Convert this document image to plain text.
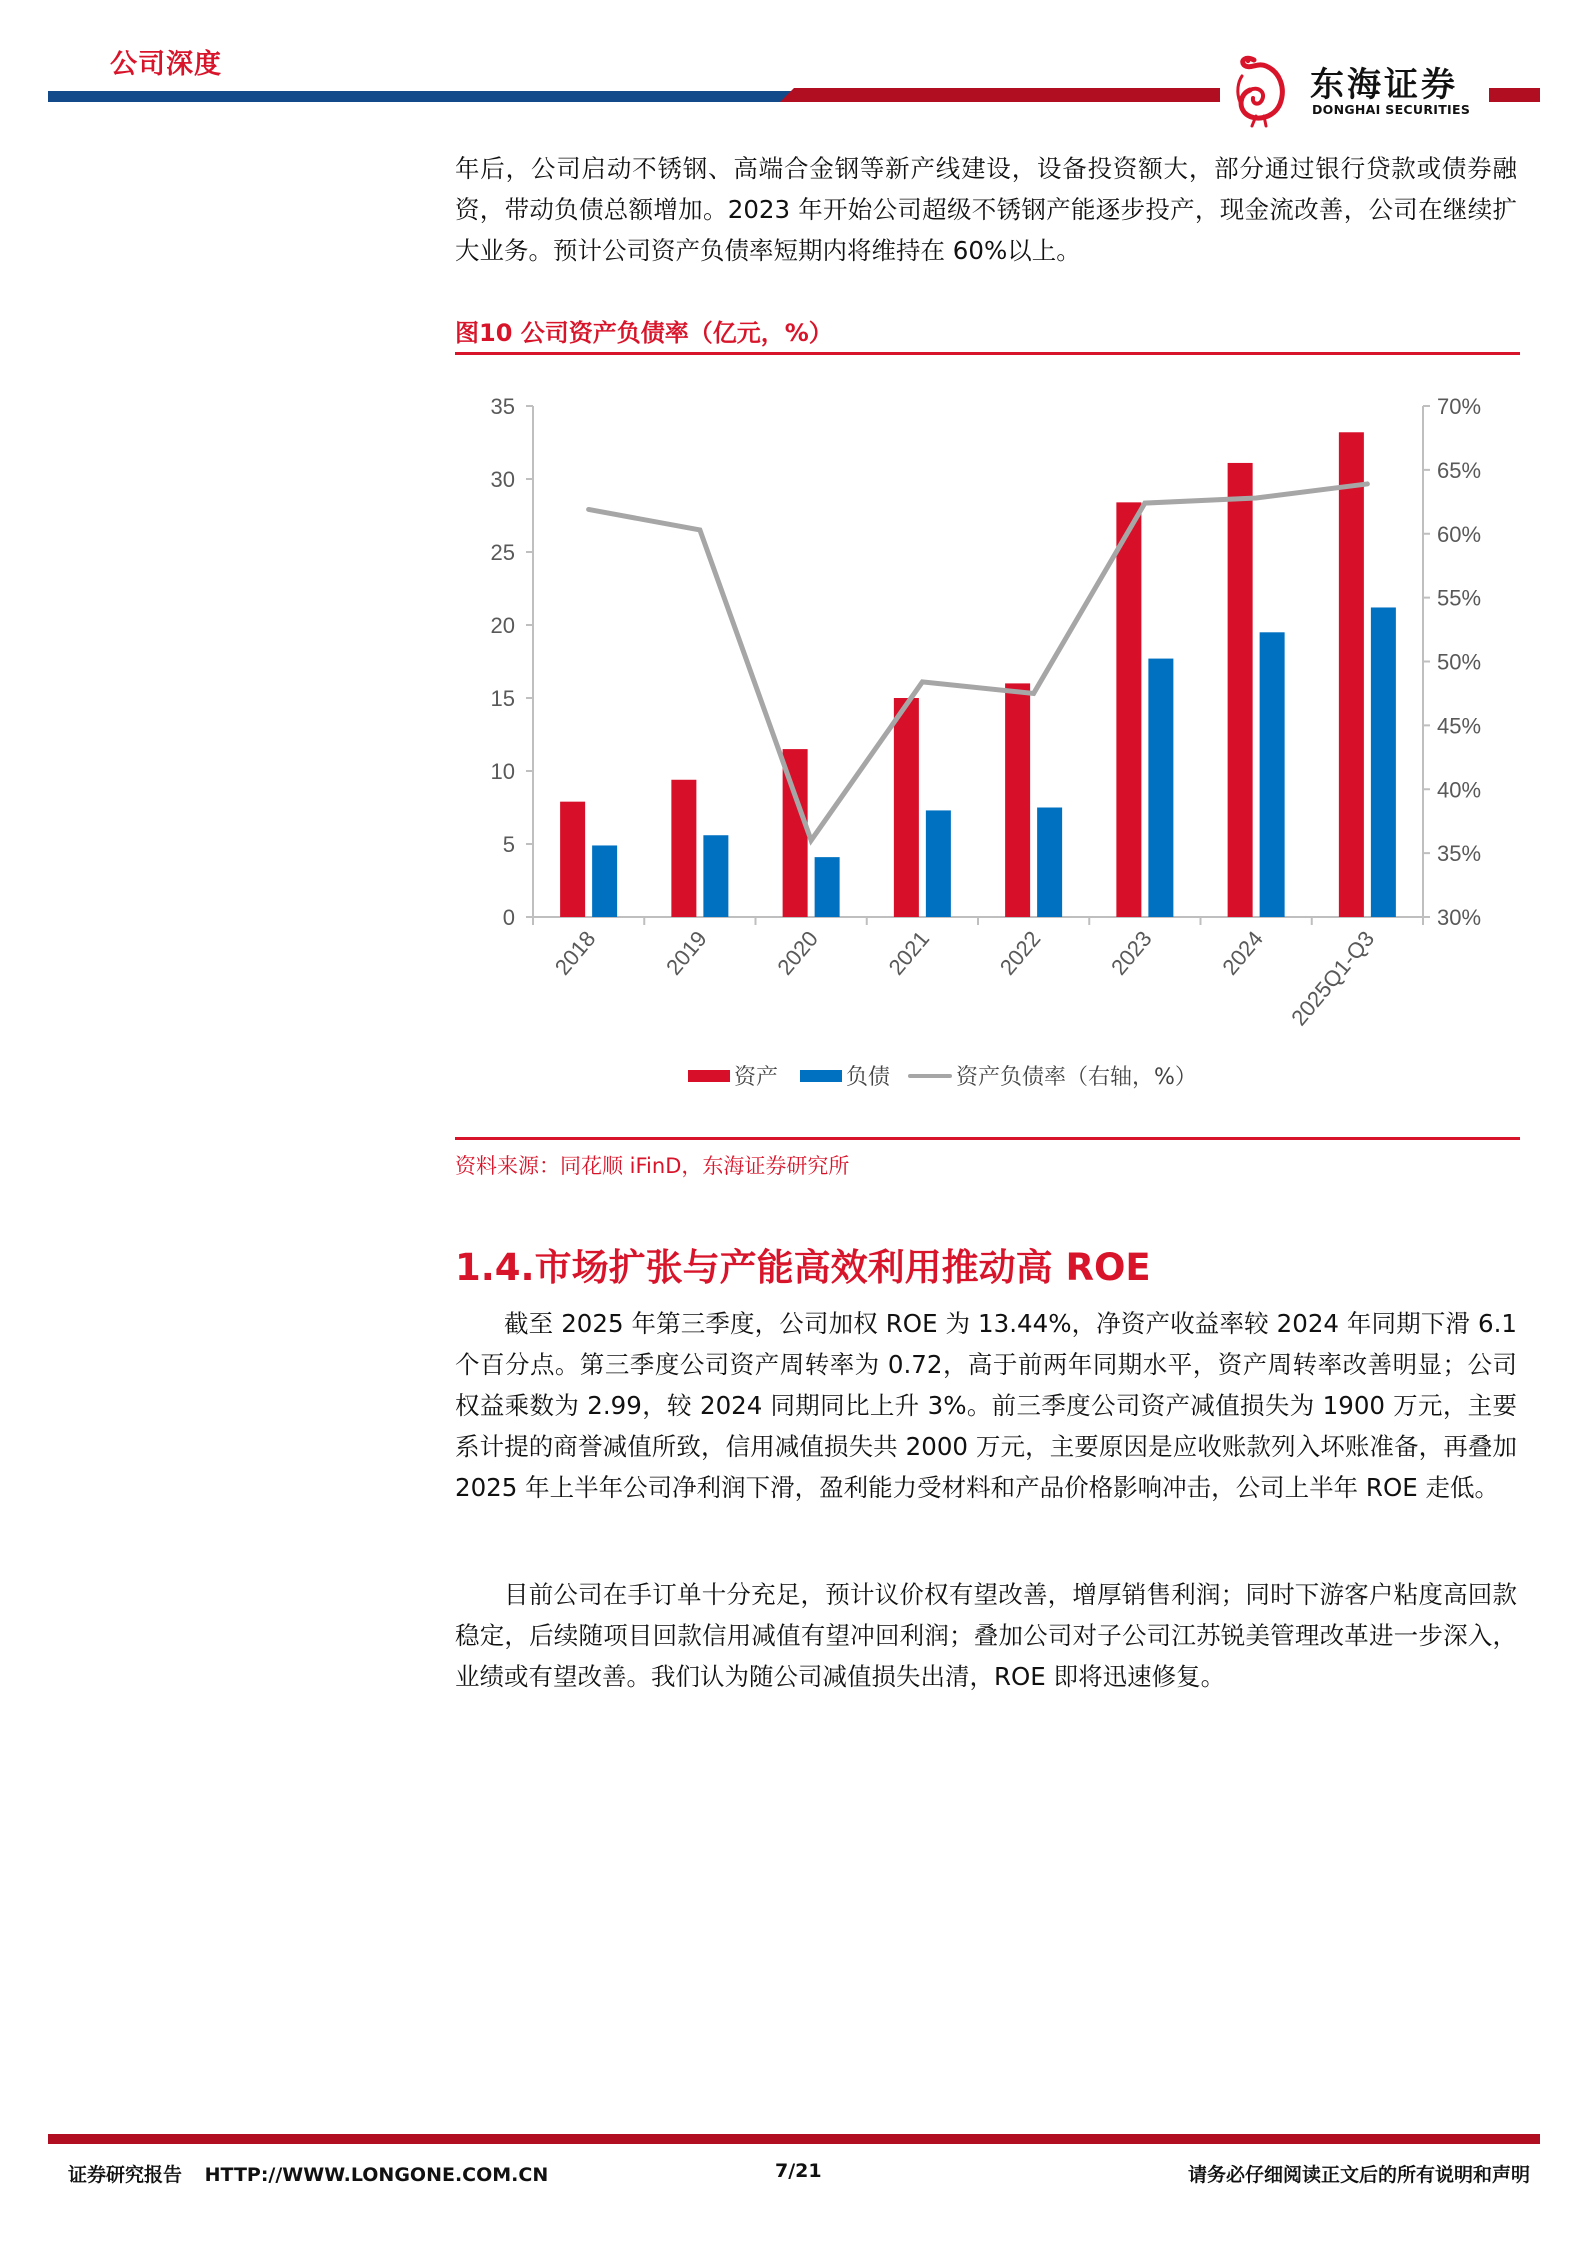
公司深度
东海证券
DONGHAI SECURITIES
年后，公司启动不锈钢、高端合金钢等新产线建设，设备投资额大，部分通过银行贷款或债券融资，带动负债总额增加。2023 年开始公司超级不锈钢产能逐步投产，现金流改善，公司在继续扩大业务。预计公司资产负债率短期内将维持在 60%以上。
图10 公司资产负债率（亿元，%）
0
5
10
15
20
25
30
35
30%
35%
40%
45%
50%
55%
60%
65%
70%
2018	2019	2020	2021	2022	2023	2024 2025Q1-Q3
资产	负债	资产负债率（右轴，%）
资料来源：同花顺 iFinD，东海证券研究所
1.4.市场扩张与产能高效利用推动高 ROE
截至 2025 年第三季度，公司加权 ROE 为 13.44%，净资产收益率较 2024 年同期下滑 6.1 个百分点。第三季度公司资产周转率为 0.72，高于前两年同期水平，资产周转率改善明显；公司权益乘数为 2.99，较 2024 同期同比上升 3%。前三季度公司资产减值损失为 1900 万元，主要系计提的商誉减值所致，信用减值损失共 2000 万元，主要原因是应收账款列入坏账准备，再叠加 2025 年上半年公司净利润下滑，盈利能力受材料和产品价格影响冲击，公司上半年 ROE 走低。
目前公司在手订单十分充足，预计议价权有望改善，增厚销售利润；同时下游客户粘度高回款稳定，后续随项目回款信用减值有望冲回利润；叠加公司对子公司江苏锐美管理改革进一步深入，业绩或有望改善。我们认为随公司减值损失出清，ROE 即将迅速修复。
证券研究报告 HTTP://WWW.LONGONE.COM.CN	7/21	请务必仔细阅读正文后的所有说明和声明
